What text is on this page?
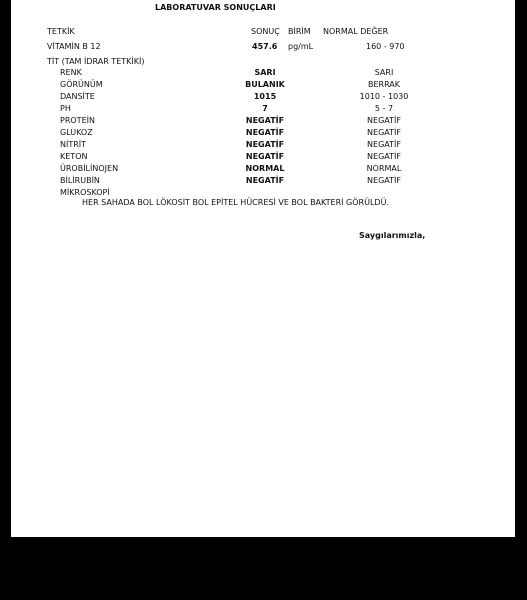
LABORATUVAR SONUÇLARI
TETKİK	SONUÇ BİRİM NORMAL DEĞER
VİTAMİN B 12	457.6 pg/mL	160 - 970
TİT (TAM İDRAR TETKİKİ)
RENK	SARI	SARI
GÖRÜNÜM	BULANIK	BERRAK
DANSİTE	1015	1010 - 1030
PH	7	5 - 7
PROTEİN	NEGATİF	NEGATİF
GLUKOZ	NEGATİF	NEGATİF
NİTRİT	NEGATİF	NEGATİF
KETON	NEGATİF	NEGATİF
ÜROBİLİNOJEN	NORMAL	NORMAL
BİLİRUBİN	NEGATİF	NEGATİF
MİKROSKOPİ
HER SAHADA BOL LÖKOSİT BOL EPİTEL HÜCRESİ VE BOL BAKTERİ GÖRÜLDÜ.
Saygılarımızla,
